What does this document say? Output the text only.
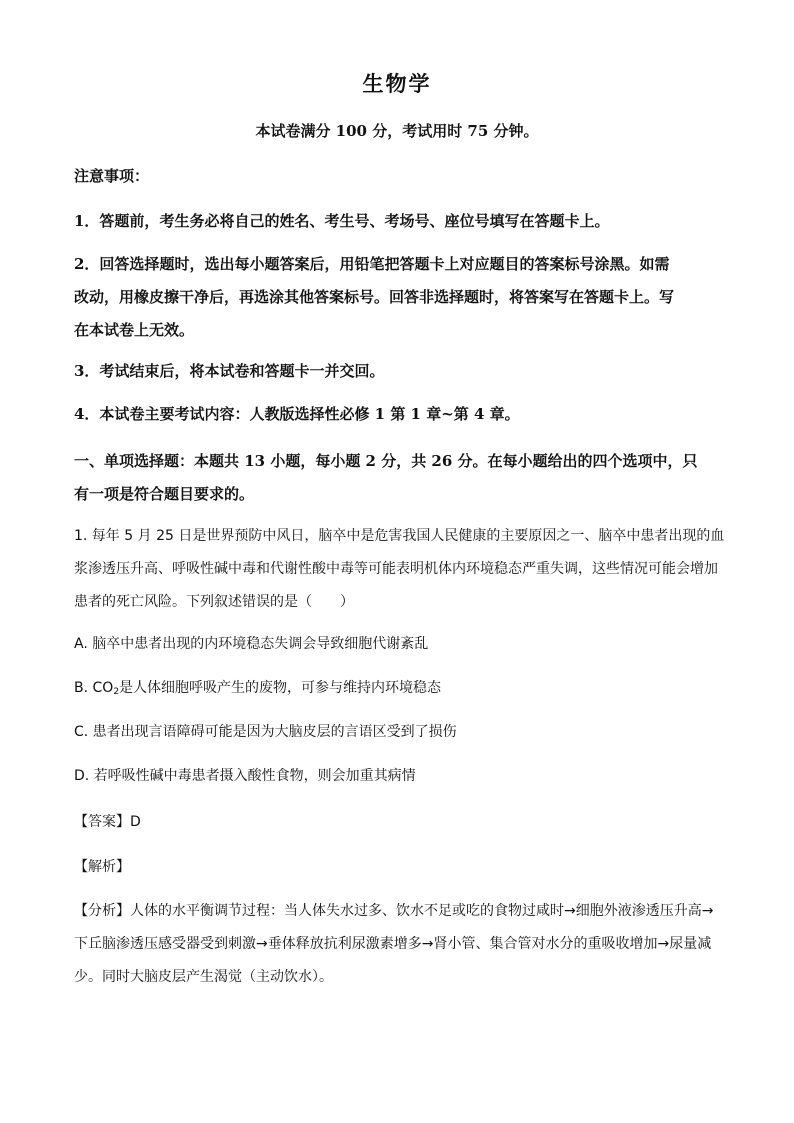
生物学
本试卷满分 100 分，考试用时 75 分钟。
注意事项：
1．答题前，考生务必将自己的姓名、考生号、考场号、座位号填写在答题卡上。
2．回答选择题时，选出每小题答案后，用铅笔把答题卡上对应题目的答案标号涂黑。如需
改动，用橡皮擦干净后，再选涂其他答案标号。回答非选择题时，将答案写在答题卡上。写
在本试卷上无效。
3．考试结束后，将本试卷和答题卡一并交回。
4．本试卷主要考试内容：人教版选择性必修 1 第 1 章~第 4 章。
一、单项选择题：本题共 13 小题，每小题 2 分，共 26 分。在每小题给出的四个选项中，只
有一项是符合题目要求的。
1. 每年 5 月 25 日是世界预防中风日，脑卒中是危害我国人民健康的主要原因之一、脑卒中患者出现的血
浆渗透压升高、呼吸性碱中毒和代谢性酸中毒等可能表明机体内环境稳态严重失调，这些情况可能会增加
患者的死亡风险。下列叙述错误的是（　　）
A. 脑卒中患者出现的内环境稳态失调会导致细胞代谢紊乱
B. $CO_2$是人体细胞呼吸产生的废物，可参与维持内环境稳态
C. 患者出现言语障碍可能是因为大脑皮层的言语区受到了损伤
D. 若呼吸性碱中毒患者摄入酸性食物，则会加重其病情
【答案】D
【解析】
【分析】人体的水平衡调节过程：当人体失水过多、饮水不足或吃的食物过咸时→细胞外液渗透压升高→
下丘脑渗透压感受器受到刺激→垂体释放抗利尿激素增多→肾小管、集合管对水分的重吸收增加→尿量减
少。同时大脑皮层产生渴觉（主动饮水）。
